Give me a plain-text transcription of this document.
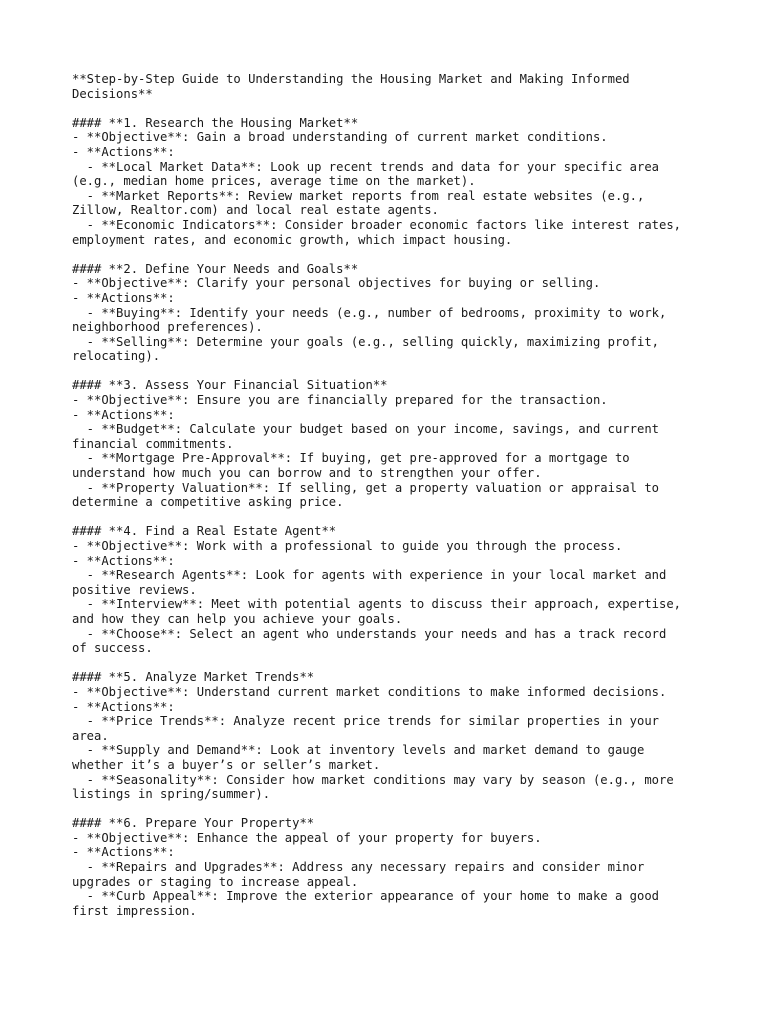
**Step-by-Step Guide to Understanding the Housing Market and Making Informed
Decisions**
#### **1. Research the Housing Market**
- **Objective**: Gain a broad understanding of current market conditions.
- **Actions**:
- **Local Market Data**: Look up recent trends and data for your specific area
(e.g., median home prices, average time on the market).
- **Market Reports**: Review market reports from real estate websites (e.g.,
Zillow, Realtor.com) and local real estate agents.
- **Economic Indicators**: Consider broader economic factors like interest rates,
employment rates, and economic growth, which impact housing.
#### **2. Define Your Needs and Goals**
- **Objective**: Clarify your personal objectives for buying or selling.
- **Actions**:
- **Buying**: Identify your needs (e.g., number of bedrooms, proximity to work,
neighborhood preferences).
- **Selling**: Determine your goals (e.g., selling quickly, maximizing profit,
relocating).
#### **3. Assess Your Financial Situation**
- **Objective**: Ensure you are financially prepared for the transaction.
- **Actions**:
- **Budget**: Calculate your budget based on your income, savings, and current
financial commitments.
- **Mortgage Pre-Approval**: If buying, get pre-approved for a mortgage to
understand how much you can borrow and to strengthen your offer.
- **Property Valuation**: If selling, get a property valuation or appraisal to
determine a competitive asking price.
#### **4. Find a Real Estate Agent**
- **Objective**: Work with a professional to guide you through the process.
- **Actions**:
- **Research Agents**: Look for agents with experience in your local market and
positive reviews.
- **Interview**: Meet with potential agents to discuss their approach, expertise,
and how they can help you achieve your goals.
- **Choose**: Select an agent who understands your needs and has a track record
of success.
#### **5. Analyze Market Trends**
- **Objective**: Understand current market conditions to make informed decisions.
- **Actions**:
- **Price Trends**: Analyze recent price trends for similar properties in your
area.
- **Supply and Demand**: Look at inventory levels and market demand to gauge
whether it’s a buyer’s or seller’s market.
- **Seasonality**: Consider how market conditions may vary by season (e.g., more
listings in spring/summer).
#### **6. Prepare Your Property**
- **Objective**: Enhance the appeal of your property for buyers.
- **Actions**:
- **Repairs and Upgrades**: Address any necessary repairs and consider minor
upgrades or staging to increase appeal.
- **Curb Appeal**: Improve the exterior appearance of your home to make a good
first impression.
